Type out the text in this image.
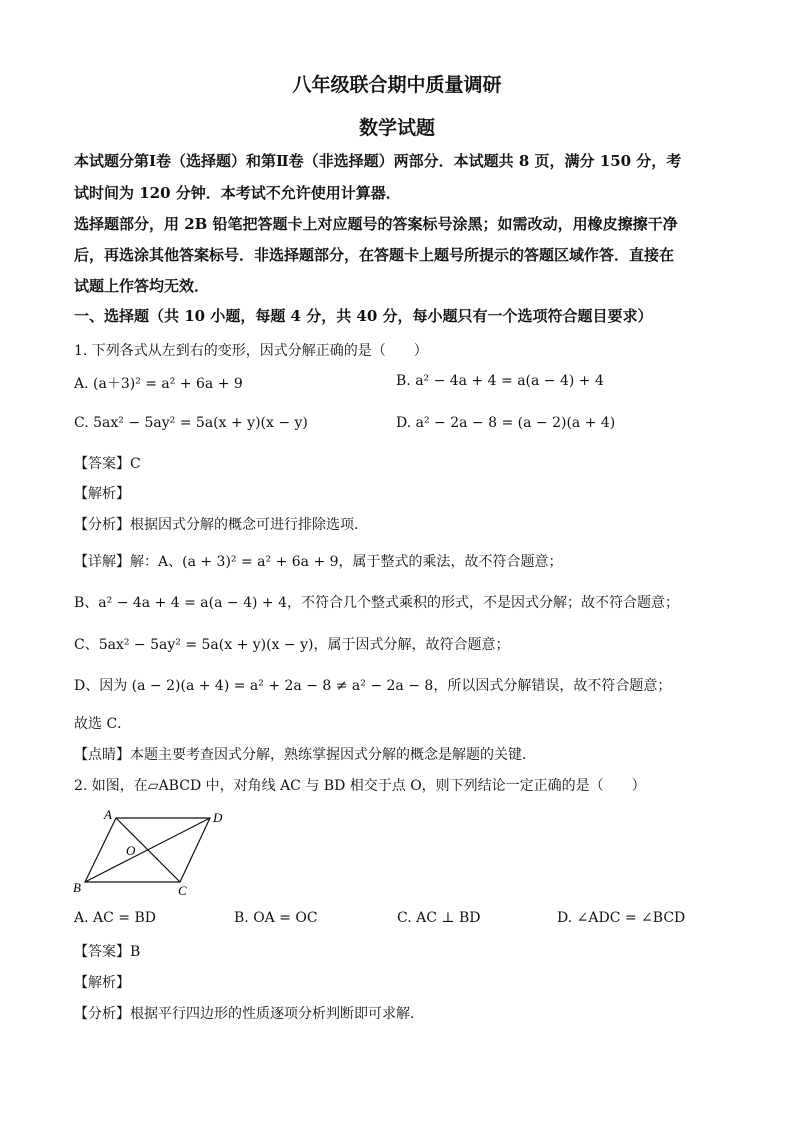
八年级联合期中质量调研
数学试题
本试题分第Ⅰ卷（选择题）和第Ⅱ卷（非选择题）两部分．本试题共 8 页，满分 150 分，考
试时间为 120 分钟．本考试不允许使用计算器．
选择题部分，用 2B 铅笔把答题卡上对应题号的答案标号涂黑；如需改动，用橡皮擦擦干净
后，再选涂其他答案标号．非选择题部分，在答题卡上题号所提示的答题区域作答．直接在
试题上作答均无效．
一、选择题（共 10 小题，每题 4 分，共 40 分，每小题只有一个选项符合题目要求）
1. 下列各式从左到右的变形，因式分解正确的是（　　）
A. (a＋3)² = a² + 6a + 9	B. a² − 4a + 4 = a(a − 4) + 4
C. 5ax² − 5ay² = 5a(x + y)(x − y)	D. a² − 2a − 8 = (a − 2)(a + 4)
【答案】C
【解析】
【分析】根据因式分解的概念可进行排除选项．
【详解】解：A、(a + 3)² = a² + 6a + 9，属于整式的乘法，故不符合题意；
B、a² − 4a + 4 = a(a − 4) + 4，不符合几个整式乘积的形式，不是因式分解；故不符合题意；
C、5ax² − 5ay² = 5a(x + y)(x − y)，属于因式分解，故符合题意；
D、因为 (a − 2)(a + 4) = a² + 2a − 8 ≠ a² − 2a − 8，所以因式分解错误，故不符合题意；
故选 C．
【点睛】本题主要考查因式分解，熟练掌握因式分解的概念是解题的关键．
2. 如图，在▱ABCD 中，对角线 AC 与 BD 相交于点 O，则下列结论一定正确的是（　　）
A	D
B	C
O
A. AC = BD	B. OA = OC	C. AC ⊥ BD	D. ∠ADC = ∠BCD
【答案】B
【解析】
【分析】根据平行四边形的性质逐项分析判断即可求解．
